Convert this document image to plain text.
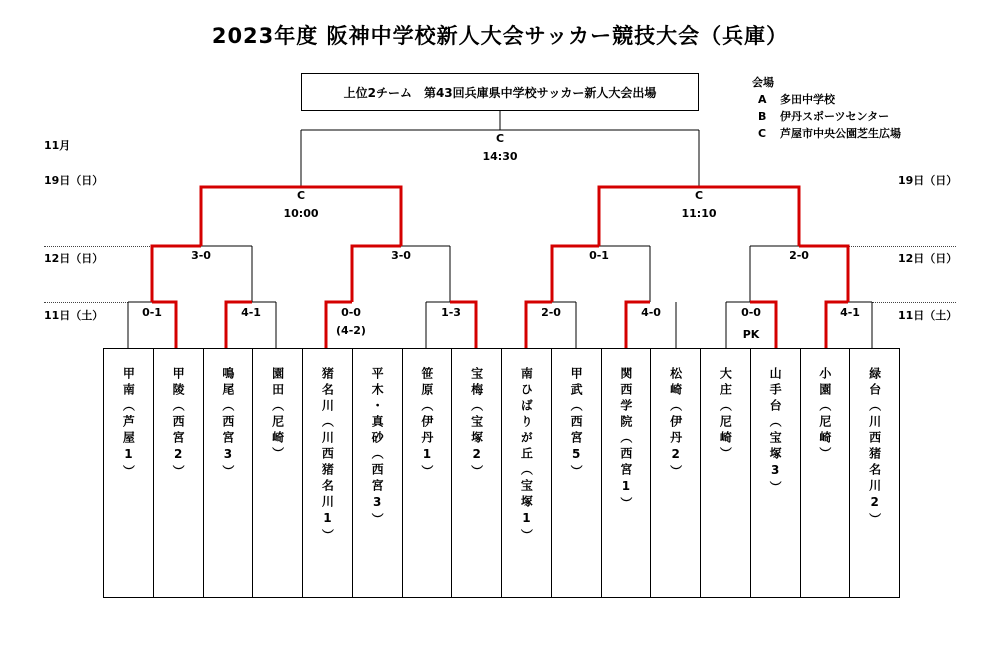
2023年度 阪神中学校新人大会サッカー競技大会（兵庫）
上位2チーム　第43回兵庫県中学校サッカー新人大会出場
会場
A 多田中学校
B 伊丹スポーツセンター
C 芦屋市中央公園芝生広場
11月
19日（日）	19日（日）
12日（日）	12日（日）
11日（土）	11日（土）
C
14:30
C
10:00
C
11:10
3-0	3-0	0-1	2-0
0-1	4-1	0-0
(4-2)
1-3	2-0	4-0	0-0
PK
4-1
甲南（芦屋1）	甲陵（西宮2）	鳴尾（西宮3）	園田（尼崎）	猪名川（川西猪名川1）	平木・真砂（西宮3）	笹原（伊丹1）	宝梅（宝塚2）	南ひばりが丘（宝塚1）	甲武（西宮5）	関西学院（西宮1）	松崎（伊丹2）	大庄（尼崎）	山手台（宝塚3）	小園（尼崎）	緑台（川西猪名川2）
